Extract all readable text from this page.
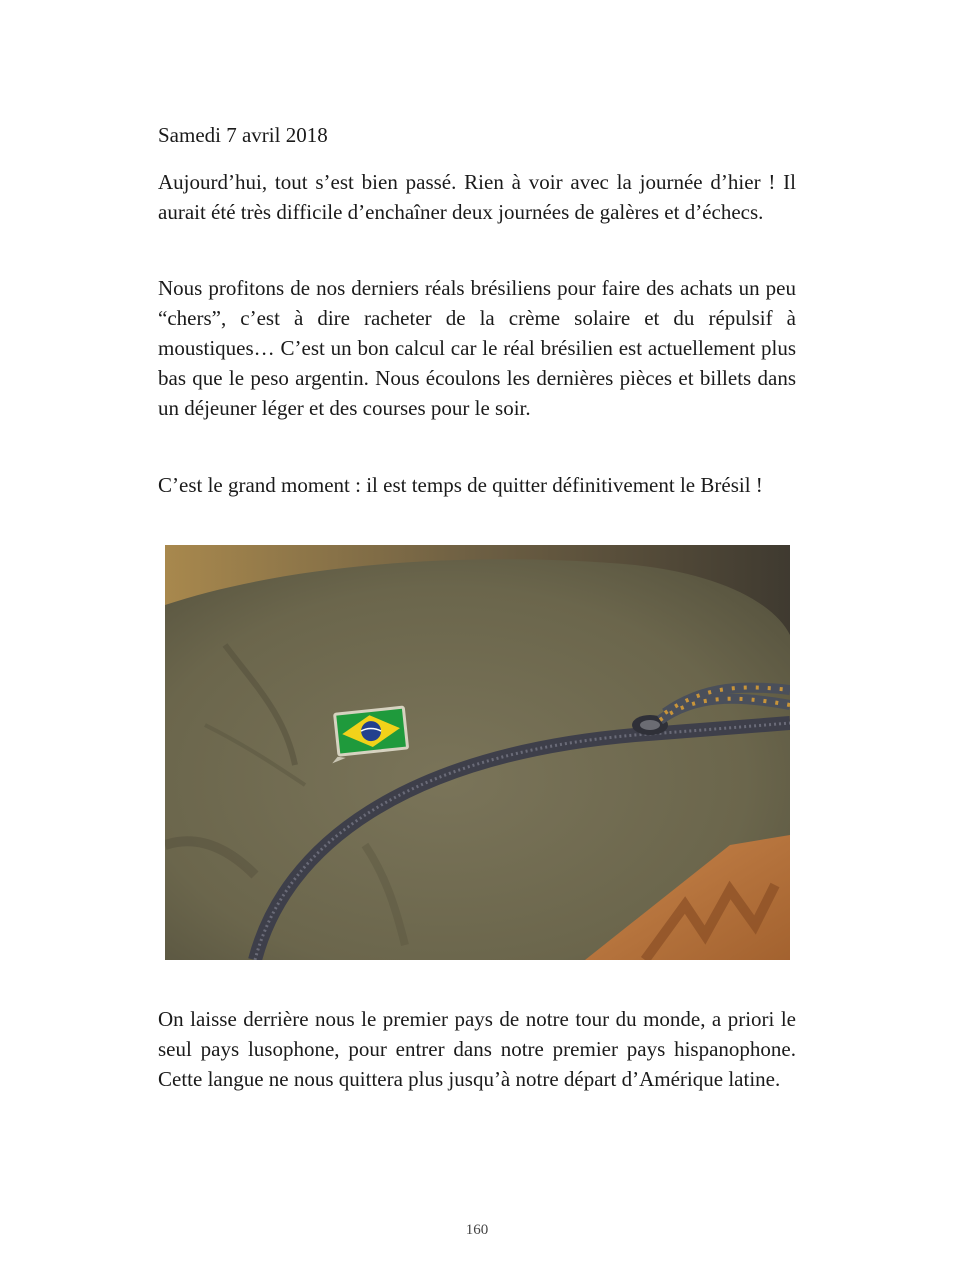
Samedi 7 avril 2018

Aujourd’hui, tout s’est bien passé. Rien à voir avec la journée d’hier ! Il aurait été très difficile d’enchaîner deux journées de galères et d’échecs.

Nous profitons de nos derniers réals brésiliens pour faire des achats un peu “chers”, c’est à dire racheter de la crème solaire et du répulsif à moustiques… C’est un bon calcul car le réal brésilien est actuellement plus bas que le peso argentin. Nous écoulons les dernières pièces et billets dans un déjeuner léger et des courses pour le soir.

C’est le grand moment : il est temps de quitter définitivement le Brésil !

On laisse derrière nous le premier pays de notre tour du monde, a priori le seul pays lusophone, pour entrer dans notre premier pays hispanophone. Cette langue ne nous quittera plus jusqu’à notre départ d’Amérique latine.

160
